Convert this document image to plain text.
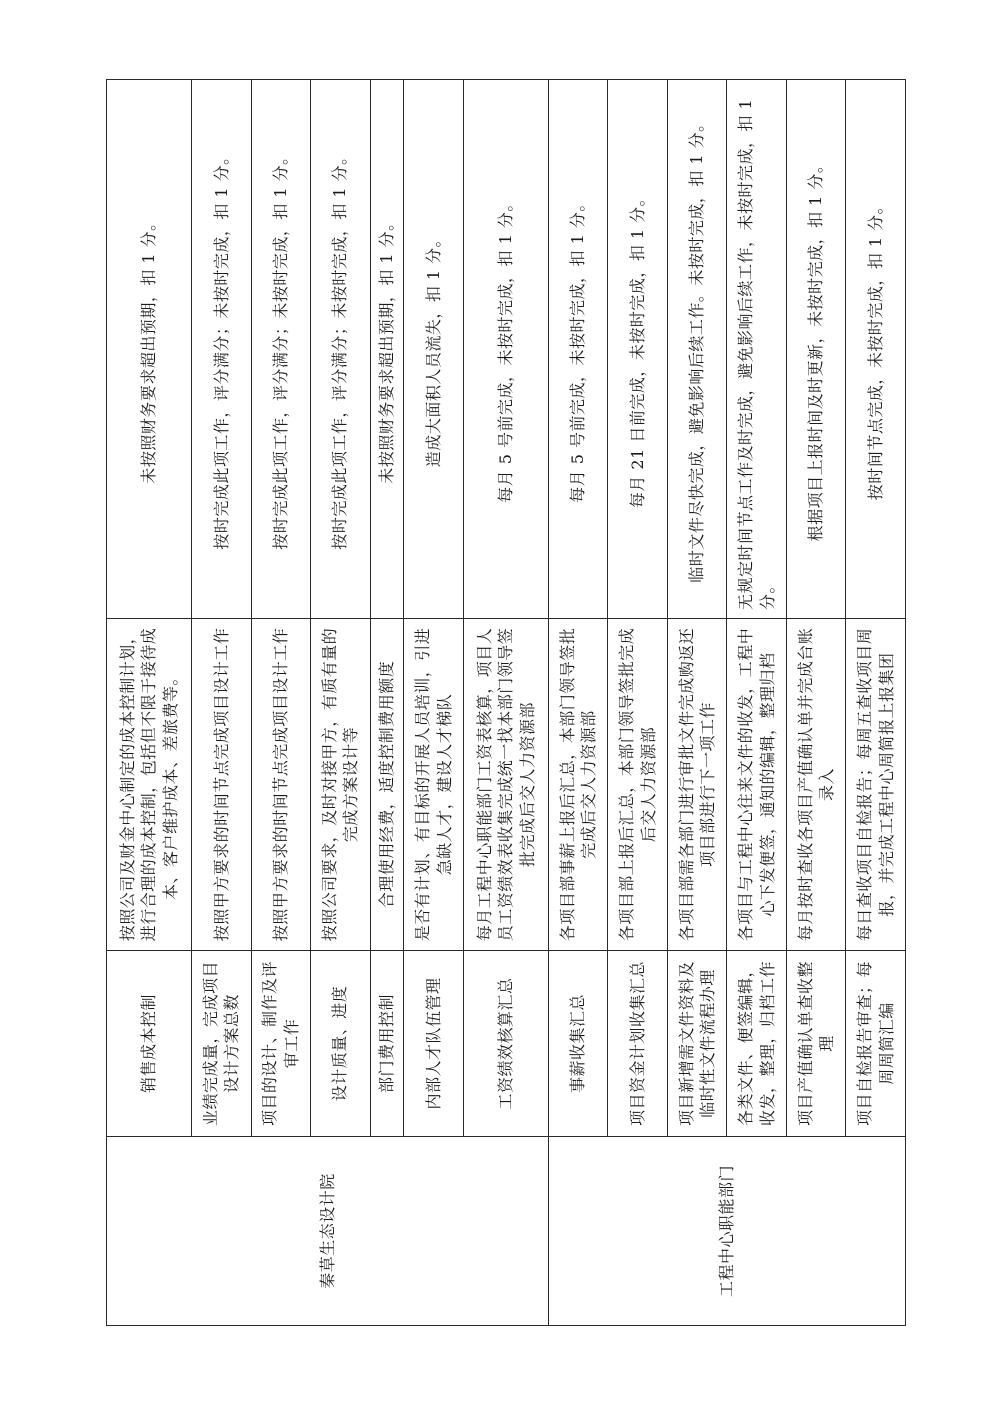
秦草生态设计院	销售成本控制	按照公司及财金中心制定的成本控制计划，进行合理的成本控制，包括但不限于接待成本、客户维护成本、差旅费等。	未按照财务要求超出预期，扣 1 分。
	业绩完成量，完成项目设计方案总数	按照甲方要求的时间节点完成项目设计工作	按时完成此项工作，评分满分；未按时完成，扣 1 分。
	项目的设计、制作及评审工作	按照甲方要求的时间节点完成项目设计工作	按时完成此项工作，评分满分；未按时完成，扣 1 分。
	设计质量、进度	按照公司要求，及时对接甲方，有质有量的完成方案设计等	按时完成此项工作，评分满分；未按时完成，扣 1 分。
	部门费用控制	合理使用经费，适度控制费用额度	未按照财务要求超出预期，扣 1 分。
	内部人才队伍管理	是否有计划、有目标的开展人员培训，引进急缺人才，建设人才梯队	造成大面积人员流失，扣 1 分。
	工资绩效核算汇总	每月工程中心职能部门工资表核算，项目人员工资绩效表收集完成统一找本部门领导签批完成后交人力资源部	每月 5 号前完成，未按时完成，扣 1 分。
工程中心职能部门	事薪收集汇总	各项目部事薪上报后汇总，本部门领导签批完成后交人力资源部	每月 5 号前完成，未按时完成，扣 1 分。
	项目资金计划收集汇总	各项目部上报后汇总，本部门领导签批完成后交人力资源部	每月 21 日前完成，未按时完成，扣 1 分。
	项目新增需文件资料及临时性文件流程办理	各项目部需各部门进行审批文件完成购返还项目部进行下一项工作	临时文件尽快完成，避免影响后续工作。未按时完成，扣 1 分。
	各类文件、便签编辑，收发，整理，归档工作	各项目与工程中心往来文件的收发，工程中心下发便签，通知的编辑，整理归档	无规定时间节点工作及时完成，避免影响后续工作，未按时完成，扣 1 分。
	项目产值确认单查收整理	每月按时查收各项目产值确认单并完成台账录入	根据项目上报时间及时更新，未按时完成，扣 1 分。
	项目自检报告审查；每周周简汇编	每日查收项目自检报告；每周五查收项目周报，并完成工程中心周简报上报集团	按时间节点完成，未按时完成，扣 1 分。
